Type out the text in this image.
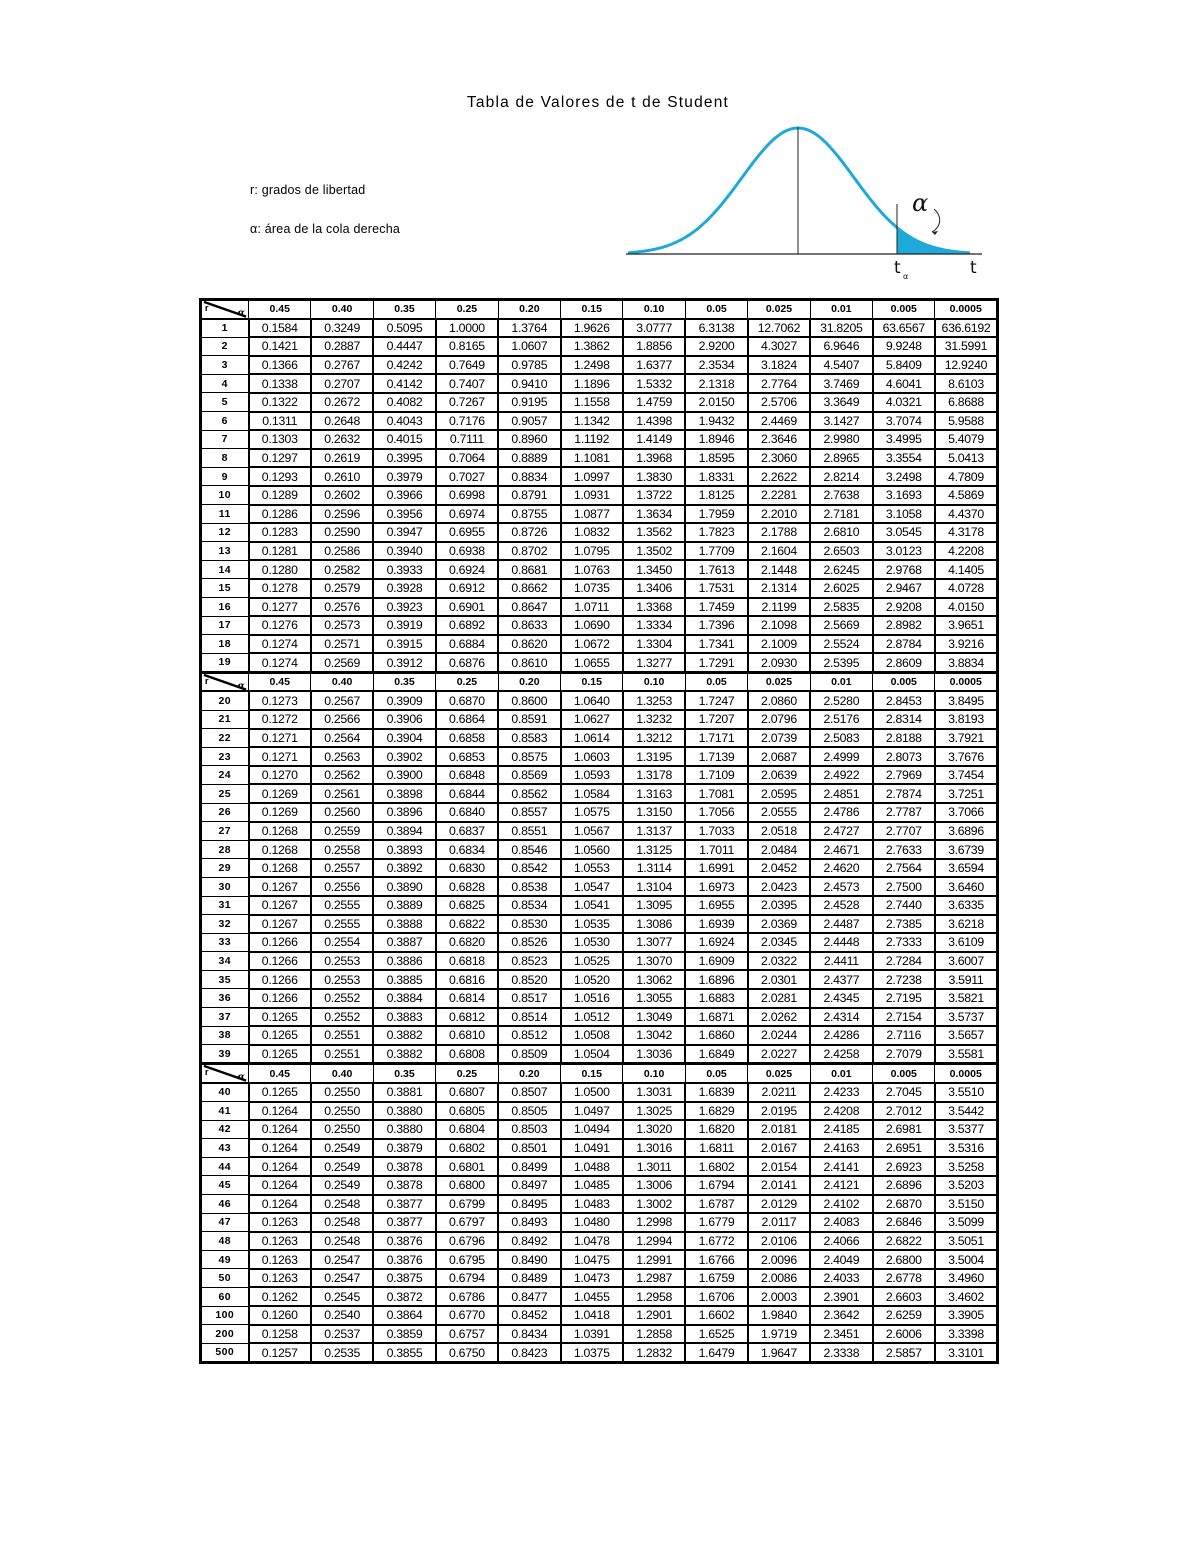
Tabla de Valores de t de Student
r: grados de libertad
α: área de la cola derecha
α
t α	t
r
α	0.45	0.40	0.35	0.25	0.20	0.15	0.10	0.05	0.025	0.01	0.005	0.0005
1	0.1584	0.3249	0.5095	1.0000	1.3764	1.9626	3.0777	6.3138	12.7062	31.8205	63.6567	636.6192
2	0.1421	0.2887	0.4447	0.8165	1.0607	1.3862	1.8856	2.9200	4.3027	6.9646	9.9248	31.5991
3	0.1366	0.2767	0.4242	0.7649	0.9785	1.2498	1.6377	2.3534	3.1824	4.5407	5.8409	12.9240
4	0.1338	0.2707	0.4142	0.7407	0.9410	1.1896	1.5332	2.1318	2.7764	3.7469	4.6041	8.6103
5	0.1322	0.2672	0.4082	0.7267	0.9195	1.1558	1.4759	2.0150	2.5706	3.3649	4.0321	6.8688
6	0.1311	0.2648	0.4043	0.7176	0.9057	1.1342	1.4398	1.9432	2.4469	3.1427	3.7074	5.9588
7	0.1303	0.2632	0.4015	0.7111	0.8960	1.1192	1.4149	1.8946	2.3646	2.9980	3.4995	5.4079
8	0.1297	0.2619	0.3995	0.7064	0.8889	1.1081	1.3968	1.8595	2.3060	2.8965	3.3554	5.0413
9	0.1293	0.2610	0.3979	0.7027	0.8834	1.0997	1.3830	1.8331	2.2622	2.8214	3.2498	4.7809
10	0.1289	0.2602	0.3966	0.6998	0.8791	1.0931	1.3722	1.8125	2.2281	2.7638	3.1693	4.5869
11	0.1286	0.2596	0.3956	0.6974	0.8755	1.0877	1.3634	1.7959	2.2010	2.7181	3.1058	4.4370
12	0.1283	0.2590	0.3947	0.6955	0.8726	1.0832	1.3562	1.7823	2.1788	2.6810	3.0545	4.3178
13	0.1281	0.2586	0.3940	0.6938	0.8702	1.0795	1.3502	1.7709	2.1604	2.6503	3.0123	4.2208
14	0.1280	0.2582	0.3933	0.6924	0.8681	1.0763	1.3450	1.7613	2.1448	2.6245	2.9768	4.1405
15	0.1278	0.2579	0.3928	0.6912	0.8662	1.0735	1.3406	1.7531	2.1314	2.6025	2.9467	4.0728
16	0.1277	0.2576	0.3923	0.6901	0.8647	1.0711	1.3368	1.7459	2.1199	2.5835	2.9208	4.0150
17	0.1276	0.2573	0.3919	0.6892	0.8633	1.0690	1.3334	1.7396	2.1098	2.5669	2.8982	3.9651
18	0.1274	0.2571	0.3915	0.6884	0.8620	1.0672	1.3304	1.7341	2.1009	2.5524	2.8784	3.9216
19	0.1274	0.2569	0.3912	0.6876	0.8610	1.0655	1.3277	1.7291	2.0930	2.5395	2.8609	3.8834

r
α	0.45	0.40	0.35	0.25	0.20	0.15	0.10	0.05	0.025	0.01	0.005	0.0005
20	0.1273	0.2567	0.3909	0.6870	0.8600	1.0640	1.3253	1.7247	2.0860	2.5280	2.8453	3.8495
21	0.1272	0.2566	0.3906	0.6864	0.8591	1.0627	1.3232	1.7207	2.0796	2.5176	2.8314	3.8193
22	0.1271	0.2564	0.3904	0.6858	0.8583	1.0614	1.3212	1.7171	2.0739	2.5083	2.8188	3.7921
23	0.1271	0.2563	0.3902	0.6853	0.8575	1.0603	1.3195	1.7139	2.0687	2.4999	2.8073	3.7676
24	0.1270	0.2562	0.3900	0.6848	0.8569	1.0593	1.3178	1.7109	2.0639	2.4922	2.7969	3.7454
25	0.1269	0.2561	0.3898	0.6844	0.8562	1.0584	1.3163	1.7081	2.0595	2.4851	2.7874	3.7251
26	0.1269	0.2560	0.3896	0.6840	0.8557	1.0575	1.3150	1.7056	2.0555	2.4786	2.7787	3.7066
27	0.1268	0.2559	0.3894	0.6837	0.8551	1.0567	1.3137	1.7033	2.0518	2.4727	2.7707	3.6896
28	0.1268	0.2558	0.3893	0.6834	0.8546	1.0560	1.3125	1.7011	2.0484	2.4671	2.7633	3.6739
29	0.1268	0.2557	0.3892	0.6830	0.8542	1.0553	1.3114	1.6991	2.0452	2.4620	2.7564	3.6594
30	0.1267	0.2556	0.3890	0.6828	0.8538	1.0547	1.3104	1.6973	2.0423	2.4573	2.7500	3.6460
31	0.1267	0.2555	0.3889	0.6825	0.8534	1.0541	1.3095	1.6955	2.0395	2.4528	2.7440	3.6335
32	0.1267	0.2555	0.3888	0.6822	0.8530	1.0535	1.3086	1.6939	2.0369	2.4487	2.7385	3.6218
33	0.1266	0.2554	0.3887	0.6820	0.8526	1.0530	1.3077	1.6924	2.0345	2.4448	2.7333	3.6109
34	0.1266	0.2553	0.3886	0.6818	0.8523	1.0525	1.3070	1.6909	2.0322	2.4411	2.7284	3.6007
35	0.1266	0.2553	0.3885	0.6816	0.8520	1.0520	1.3062	1.6896	2.0301	2.4377	2.7238	3.5911
36	0.1266	0.2552	0.3884	0.6814	0.8517	1.0516	1.3055	1.6883	2.0281	2.4345	2.7195	3.5821
37	0.1265	0.2552	0.3883	0.6812	0.8514	1.0512	1.3049	1.6871	2.0262	2.4314	2.7154	3.5737
38	0.1265	0.2551	0.3882	0.6810	0.8512	1.0508	1.3042	1.6860	2.0244	2.4286	2.7116	3.5657
39	0.1265	0.2551	0.3882	0.6808	0.8509	1.0504	1.3036	1.6849	2.0227	2.4258	2.7079	3.5581

r
α	0.45	0.40	0.35	0.25	0.20	0.15	0.10	0.05	0.025	0.01	0.005	0.0005
40	0.1265	0.2550	0.3881	0.6807	0.8507	1.0500	1.3031	1.6839	2.0211	2.4233	2.7045	3.5510
41	0.1264	0.2550	0.3880	0.6805	0.8505	1.0497	1.3025	1.6829	2.0195	2.4208	2.7012	3.5442
42	0.1264	0.2550	0.3880	0.6804	0.8503	1.0494	1.3020	1.6820	2.0181	2.4185	2.6981	3.5377
43	0.1264	0.2549	0.3879	0.6802	0.8501	1.0491	1.3016	1.6811	2.0167	2.4163	2.6951	3.5316
44	0.1264	0.2549	0.3878	0.6801	0.8499	1.0488	1.3011	1.6802	2.0154	2.4141	2.6923	3.5258
45	0.1264	0.2549	0.3878	0.6800	0.8497	1.0485	1.3006	1.6794	2.0141	2.4121	2.6896	3.5203
46	0.1264	0.2548	0.3877	0.6799	0.8495	1.0483	1.3002	1.6787	2.0129	2.4102	2.6870	3.5150
47	0.1263	0.2548	0.3877	0.6797	0.8493	1.0480	1.2998	1.6779	2.0117	2.4083	2.6846	3.5099
48	0.1263	0.2548	0.3876	0.6796	0.8492	1.0478	1.2994	1.6772	2.0106	2.4066	2.6822	3.5051
49	0.1263	0.2547	0.3876	0.6795	0.8490	1.0475	1.2991	1.6766	2.0096	2.4049	2.6800	3.5004
50	0.1263	0.2547	0.3875	0.6794	0.8489	1.0473	1.2987	1.6759	2.0086	2.4033	2.6778	3.4960
60	0.1262	0.2545	0.3872	0.6786	0.8477	1.0455	1.2958	1.6706	2.0003	2.3901	2.6603	3.4602
100	0.1260	0.2540	0.3864	0.6770	0.8452	1.0418	1.2901	1.6602	1.9840	2.3642	2.6259	3.3905
200	0.1258	0.2537	0.3859	0.6757	0.8434	1.0391	1.2858	1.6525	1.9719	2.3451	2.6006	3.3398
500	0.1257	0.2535	0.3855	0.6750	0.8423	1.0375	1.2832	1.6479	1.9647	2.3338	2.5857	3.3101
